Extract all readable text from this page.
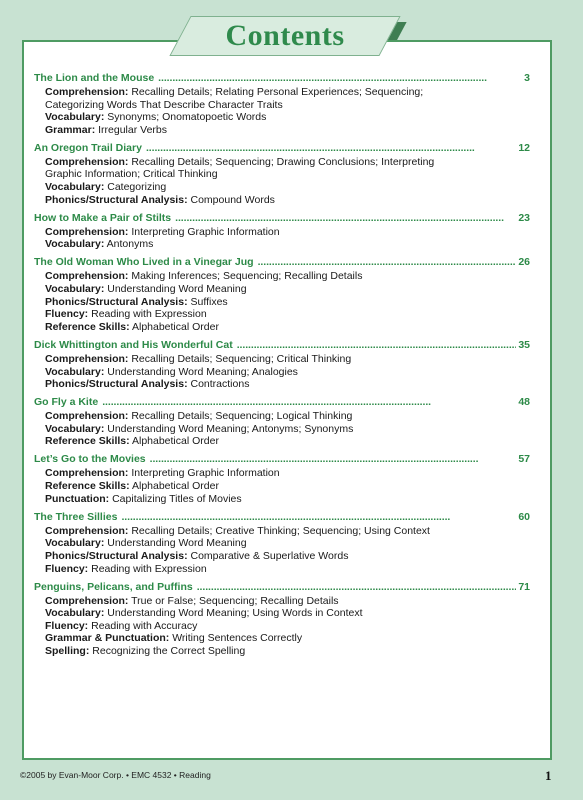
Contents
The Lion and the Mouse . . .	3
Comprehension: Recalling Details; Relating Personal Experiences; Sequencing;
Categorizing Words That Describe Character Traits
Vocabulary: Synonyms; Onomatopoetic Words
Grammar: Irregular Verbs
An Oregon Trail Diary . . .	12
Comprehension: Recalling Details; Sequencing; Drawing Conclusions; Interpreting
Graphic Information; Critical Thinking
Vocabulary: Categorizing
Phonics/Structural Analysis: Compound Words
How to Make a Pair of Stilts . . .	23
Comprehension: Interpreting Graphic Information
Vocabulary: Antonyms
The Old Woman Who Lived in a Vinegar Jug . . .	26
Comprehension: Making Inferences; Sequencing; Recalling Details
Vocabulary: Understanding Word Meaning
Phonics/Structural Analysis: Suffixes
Fluency: Reading with Expression
Reference Skills: Alphabetical Order
Dick Whittington and His Wonderful Cat . . .	35
Comprehension: Recalling Details; Sequencing; Critical Thinking
Vocabulary: Understanding Word Meaning; Analogies
Phonics/Structural Analysis: Contractions
Go Fly a Kite . . .	48
Comprehension: Recalling Details; Sequencing; Logical Thinking
Vocabulary: Understanding Word Meaning; Antonyms; Synonyms
Reference Skills: Alphabetical Order
Let’s Go to the Movies . . .	57
Comprehension: Interpreting Graphic Information
Reference Skills: Alphabetical Order
Punctuation: Capitalizing Titles of Movies
The Three Sillies . . .	60
Comprehension: Recalling Details; Creative Thinking; Sequencing; Using Context
Vocabulary: Understanding Word Meaning
Phonics/Structural Analysis: Comparative & Superlative Words
Fluency: Reading with Expression
Penguins, Pelicans, and Puffins . . .	71
Comprehension: True or False; Sequencing; Recalling Details
Vocabulary: Understanding Word Meaning; Using Words in Context
Fluency: Reading with Accuracy
Grammar & Punctuation: Writing Sentences Correctly
Spelling: Recognizing the Correct Spelling
©2005 by Evan-Moor Corp. • EMC 4532 • Reading	1
